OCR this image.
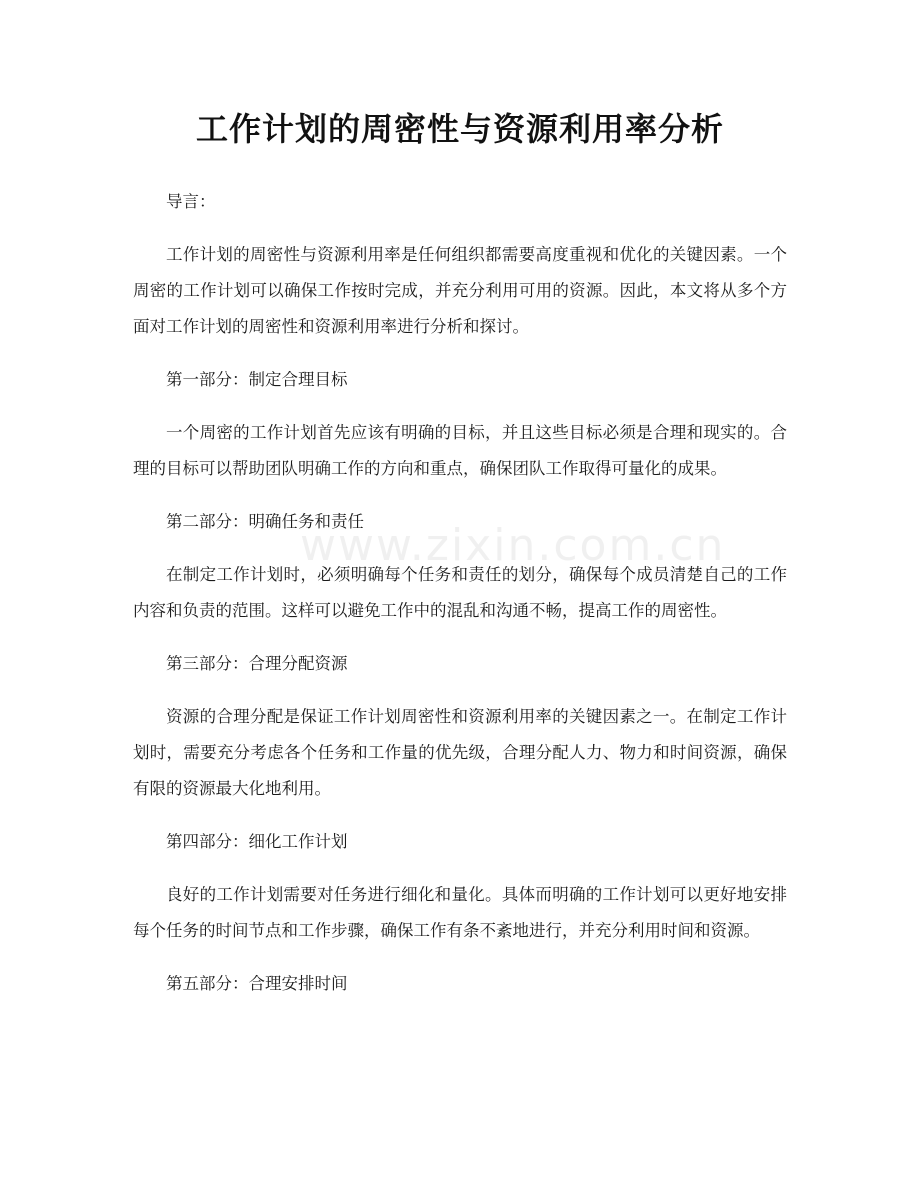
工作计划的周密性与资源利用率分析
www.zixin.com.cn

导言：

工作计划的周密性与资源利用率是任何组织都需要高度重视和优化的关键因素。一个周密的工作计划可以确保工作按时完成，并充分利用可用的资源。因此，本文将从多个方面对工作计划的周密性和资源利用率进行分析和探讨。

第一部分：制定合理目标

一个周密的工作计划首先应该有明确的目标，并且这些目标必须是合理和现实的。合理的目标可以帮助团队明确工作的方向和重点，确保团队工作取得可量化的成果。

第二部分：明确任务和责任

在制定工作计划时，必须明确每个任务和责任的划分，确保每个成员清楚自己的工作内容和负责的范围。这样可以避免工作中的混乱和沟通不畅，提高工作的周密性。

第三部分：合理分配资源

资源的合理分配是保证工作计划周密性和资源利用率的关键因素之一。在制定工作计划时，需要充分考虑各个任务和工作量的优先级，合理分配人力、物力和时间资源，确保有限的资源最大化地利用。

第四部分：细化工作计划

良好的工作计划需要对任务进行细化和量化。具体而明确的工作计划可以更好地安排每个任务的时间节点和工作步骤，确保工作有条不紊地进行，并充分利用时间和资源。

第五部分：合理安排时间
